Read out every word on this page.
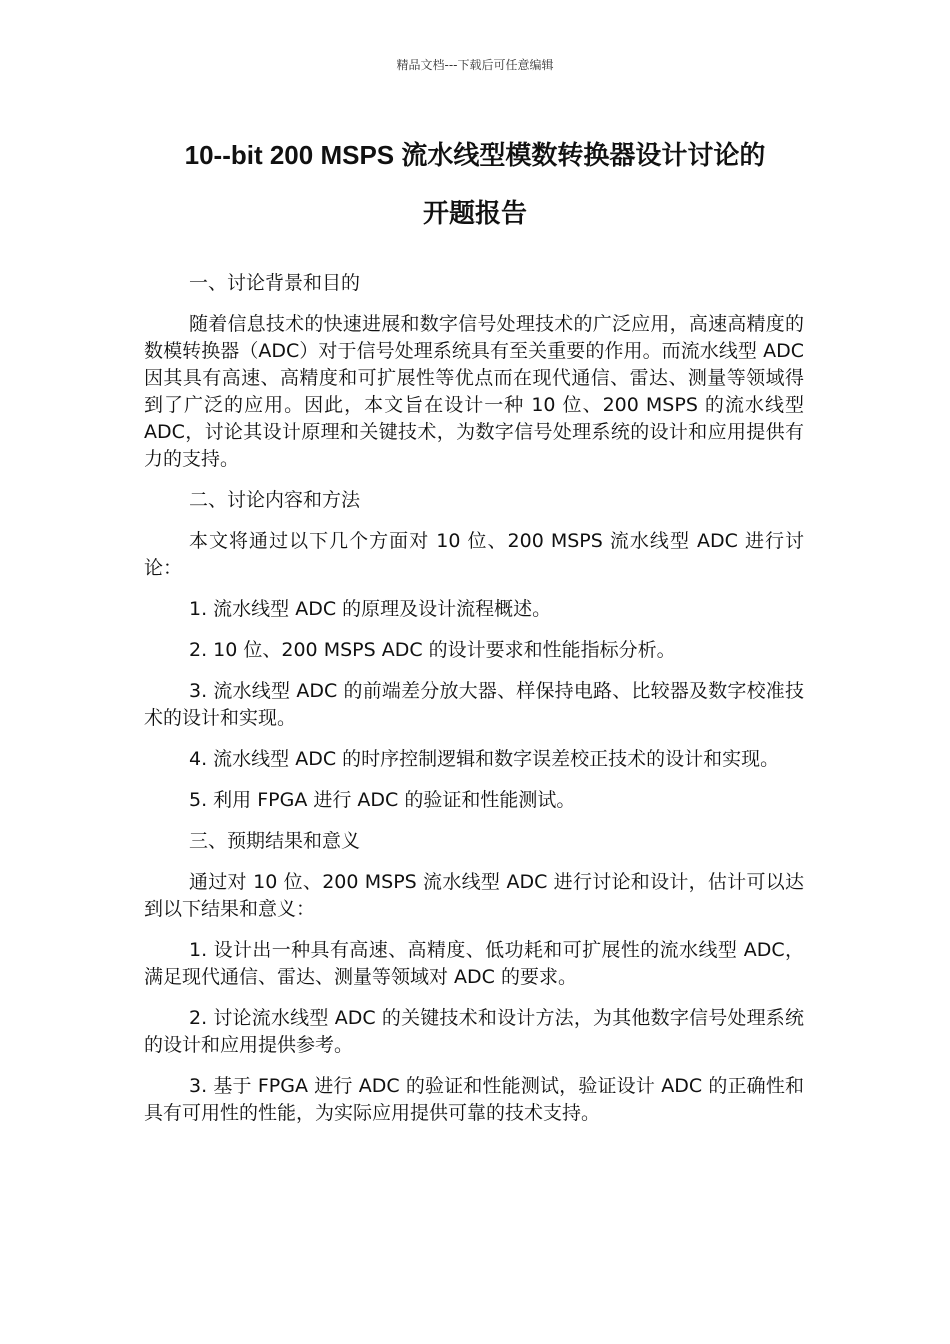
精品文档---下载后可任意编辑
10--bit 200 MSPS 流水线型模数转换器设计讨论的
开题报告

一、讨论背景和目的

随着信息技术的快速进展和数字信号处理技术的广泛应用，高速高精度的数模转换器（ADC）对于信号处理系统具有至关重要的作用。而流水线型 ADC 因其具有高速、高精度和可扩展性等优点而在现代通信、雷达、测量等领域得到了广泛的应用。因此，本文旨在设计一种 10 位、200 MSPS 的流水线型 ADC，讨论其设计原理和关键技术，为数字信号处理系统的设计和应用提供有力的支持。

二、讨论内容和方法

本文将通过以下几个方面对 10 位、200 MSPS 流水线型 ADC 进行讨论：

1. 流水线型 ADC 的原理及设计流程概述。

2. 10 位、200 MSPS ADC 的设计要求和性能指标分析。

3. 流水线型 ADC 的前端差分放大器、样保持电路、比较器及数字校准技术的设计和实现。

4. 流水线型 ADC 的时序控制逻辑和数字误差校正技术的设计和实现。

5. 利用 FPGA 进行 ADC 的验证和性能测试。

三、预期结果和意义

通过对 10 位、200 MSPS 流水线型 ADC 进行讨论和设计，估计可以达到以下结果和意义：

1. 设计出一种具有高速、高精度、低功耗和可扩展性的流水线型 ADC，满足现代通信、雷达、测量等领域对 ADC 的要求。

2. 讨论流水线型 ADC 的关键技术和设计方法，为其他数字信号处理系统的设计和应用提供参考。

3. 基于 FPGA 进行 ADC 的验证和性能测试，验证设计 ADC 的正确性和具有可用性的性能，为实际应用提供可靠的技术支持。
